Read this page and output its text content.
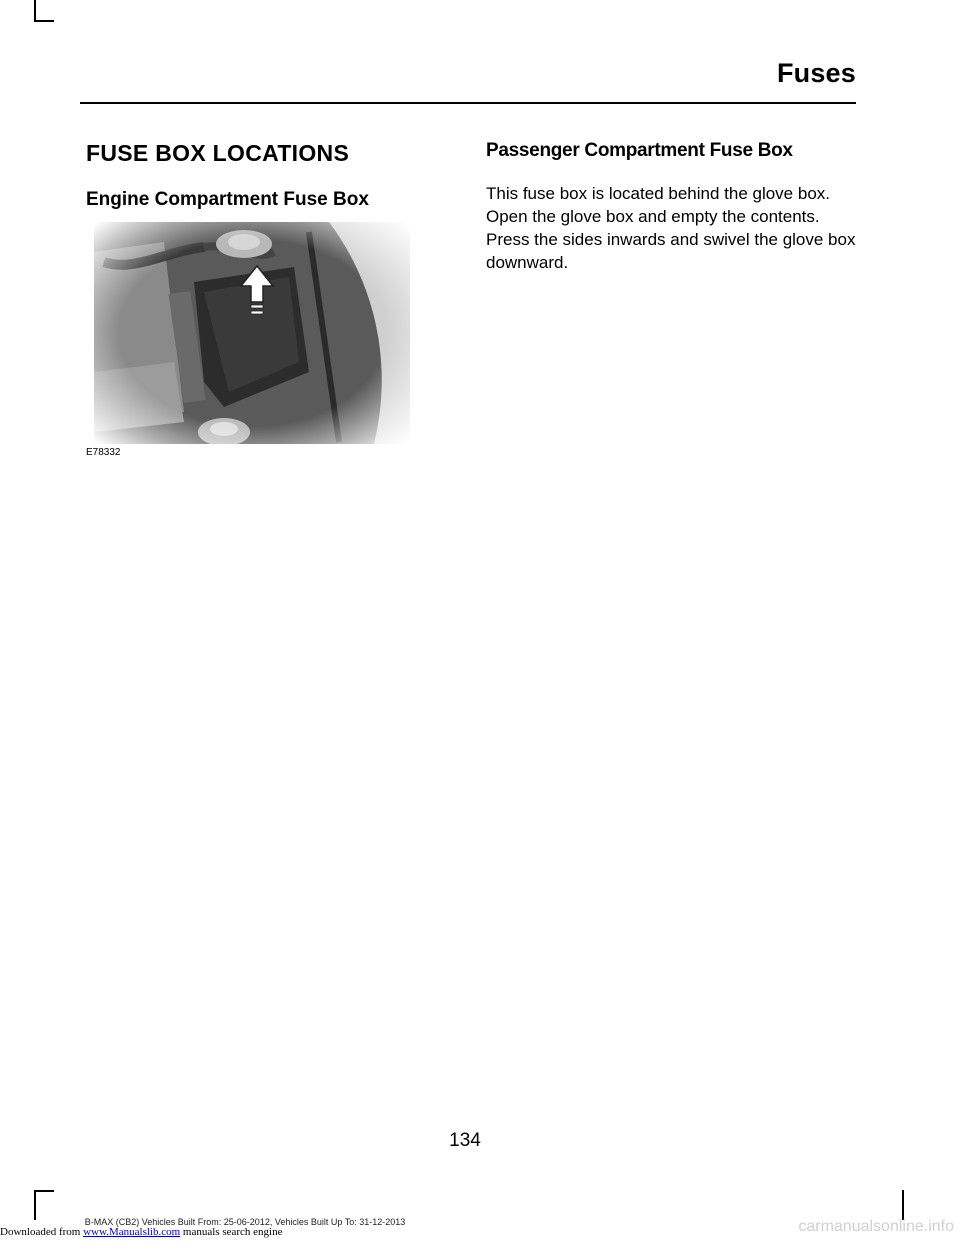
Fuses
FUSE BOX LOCATIONS
Engine Compartment Fuse Box
E78332
Passenger Compartment Fuse Box

This fuse box is located behind the glove box. Open the glove box and empty the contents. Press the sides inwards and swivel the glove box downward.

134
B-MAX (CB2) Vehicles Built From: 25-06-2012, Vehicles Built Up To: 31-12-2013
Downloaded from www.Manualslib.com manuals search engine	carmanualsonline.info
